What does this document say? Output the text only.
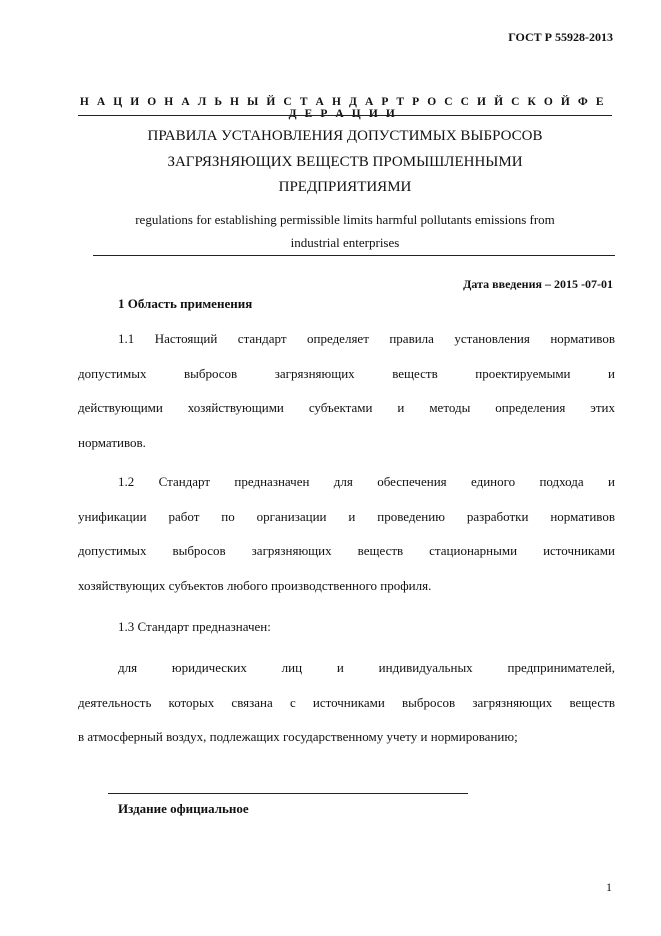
ГОСТ Р 55928-2013
Н А Ц И О Н А Л Ь Н Ы Й С Т А Н Д А Р Т Р О С С И Й С К О Й Ф Е Д Е Р А Ц И И
ПРАВИЛА УСТАНОВЛЕНИЯ ДОПУСТИМЫХ ВЫБРОСОВ
ЗАГРЯЗНЯЮЩИХ ВЕЩЕСТВ ПРОМЫШЛЕННЫМИ
ПРЕДПРИЯТИЯМИ
regulations for establishing permissible limits harmful pollutants emissions from
industrial enterprises
Дата введения – 2015 -07-01
1 Область применения
1.1 Настоящий стандарт определяет правила установления нормативов
допустимых выбросов загрязняющих веществ проектируемыми и
действующими хозяйствующими субъектами и методы определения этих
нормативов.
1.2 Стандарт предназначен для обеспечения единого подхода и
унификации работ по организации и проведению разработки нормативов
допустимых выбросов загрязняющих веществ стационарными источниками
хозяйствующих субъектов любого производственного профиля.
1.3 Стандарт предназначен:
для юридических лиц и индивидуальных предпринимателей,
деятельность которых связана с источниками выбросов загрязняющих веществ
в атмосферный воздух, подлежащих государственному учету и нормированию;
Издание официальное
1
